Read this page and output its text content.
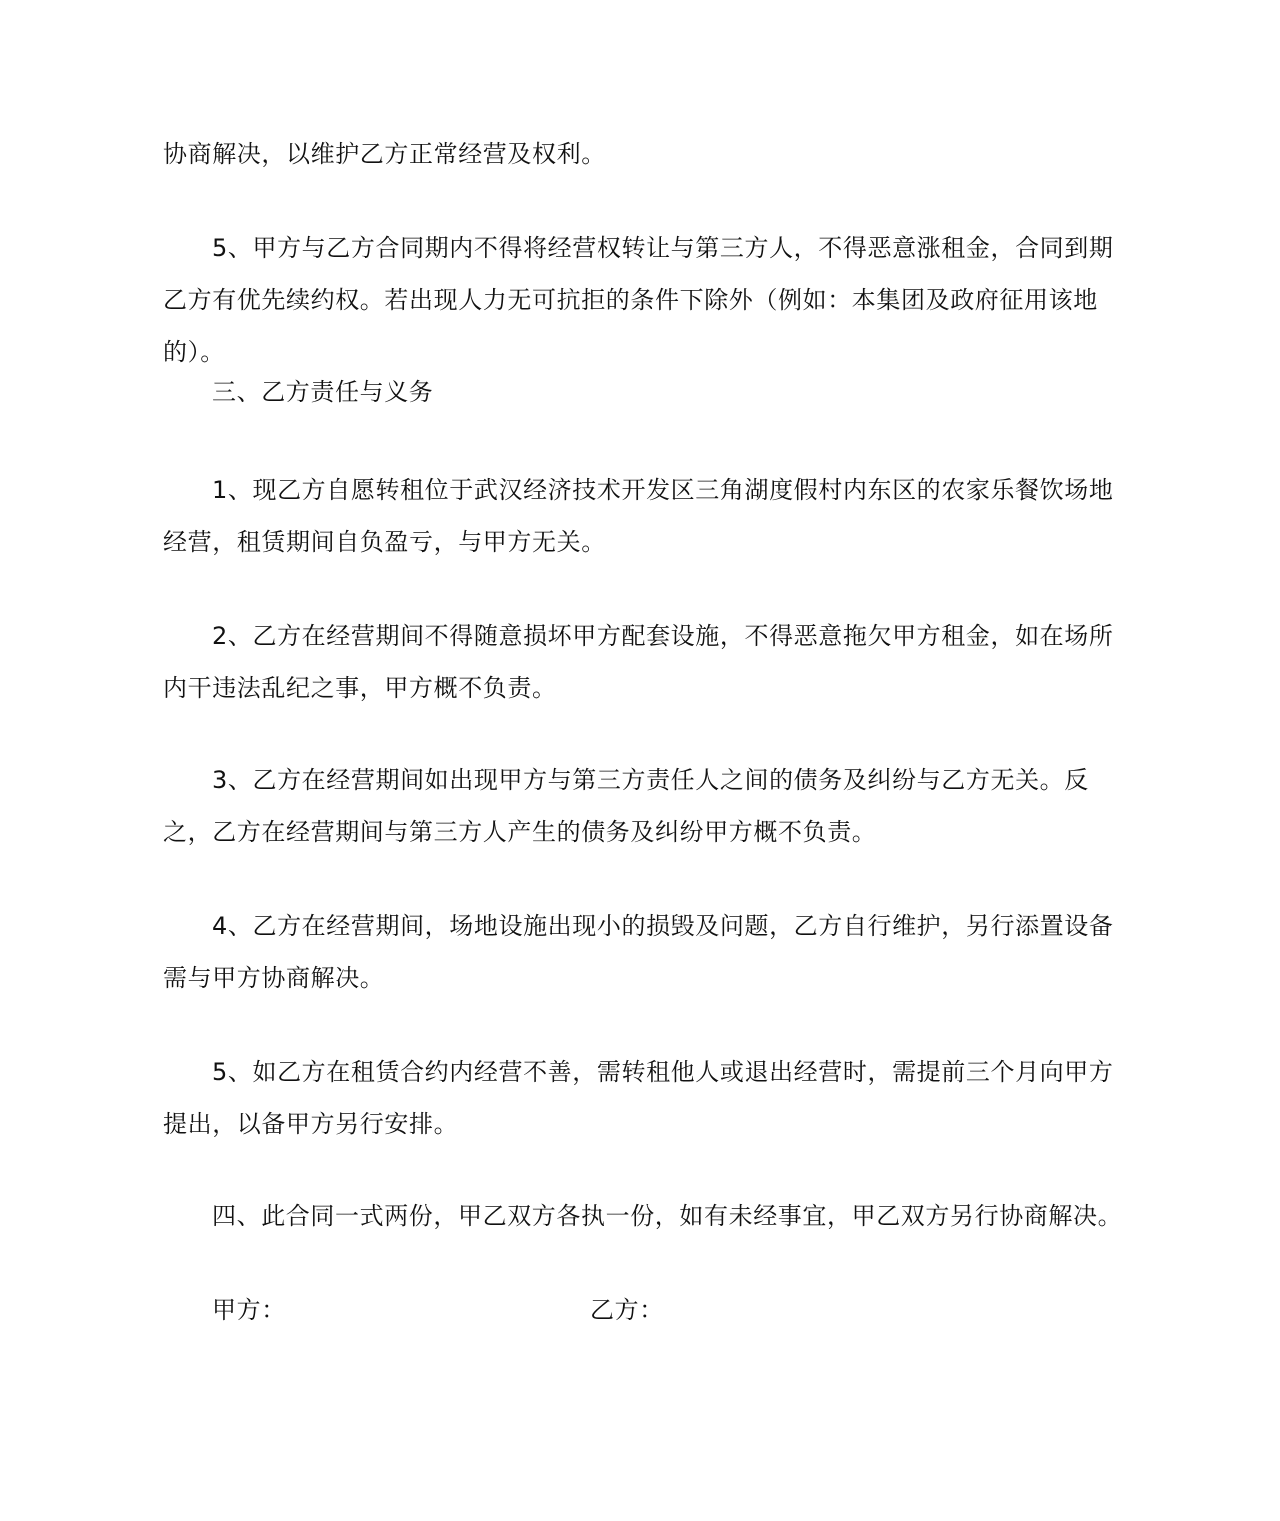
协商解决，以维护乙方正常经营及权利。

5、甲方与乙方合同期内不得将经营权转让与第三方人，不得恶意涨租金，合同到期乙方有优先续约权。若出现人力无可抗拒的条件下除外（例如：本集团及政府征用该地的）。

三、乙方责任与义务

1、现乙方自愿转租位于武汉经济技术开发区三角湖度假村内东区的农家乐餐饮场地经营，租赁期间自负盈亏，与甲方无关。

2、乙方在经营期间不得随意损坏甲方配套设施，不得恶意拖欠甲方租金，如在场所内干违法乱纪之事，甲方概不负责。

3、乙方在经营期间如出现甲方与第三方责任人之间的债务及纠纷与乙方无关。反之，乙方在经营期间与第三方人产生的债务及纠纷甲方概不负责。

4、乙方在经营期间，场地设施出现小的损毁及问题，乙方自行维护，另行添置设备需与甲方协商解决。

5、如乙方在租赁合约内经营不善，需转租他人或退出经营时，需提前三个月向甲方提出，以备甲方另行安排。

四、此合同一式两份，甲乙双方各执一份，如有未经事宜，甲乙双方另行协商解决。

甲方：	乙方：
